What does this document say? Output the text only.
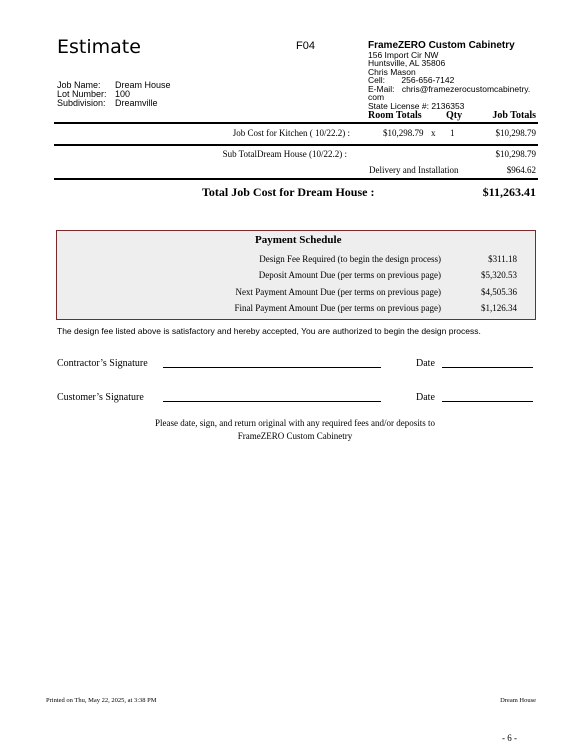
Estimate	F04	FrameZERO Custom Cabinetry
156 Import Cir NW
Huntsville, AL 35806
Chris Mason
Cell: 256-656-7142
E-Mail: chris@framezerocustomcabinetry.
com
State License #: 2136353
Job Name: Dream House
Lot Number: 100
Subdivision: Dreamville
Room Totals Qty	Job Totals
Job Cost for Kitchen ( 10/22.2) :	$10,298.79 x 1	$10,298.79
Sub TotalDream House (10/22.2) :	$10,298.79
Delivery and Installation	$964.62
Total Job Cost for Dream House :	$11,263.41
Payment Schedule
Design Fee Required (to begin the design process)	$311.18
Deposit Amount Due (per terms on previous page)	$5,320.53
Next Payment Amount Due (per terms on previous page)	$4,505.36
Final Payment Amount Due (per terms on previous page)	$1,126.34
The design fee listed above is satisfactory and hereby accepted, You are authorized to begin the design process.
Contractor’s Signature	Date
Customer’s Signature	Date
Please date, sign, and return original with any required fees and/or deposits to
FrameZERO Custom Cabinetry
Printed on Thu, May 22, 2025, at 3:38 PM	Dream House
- 6 -
